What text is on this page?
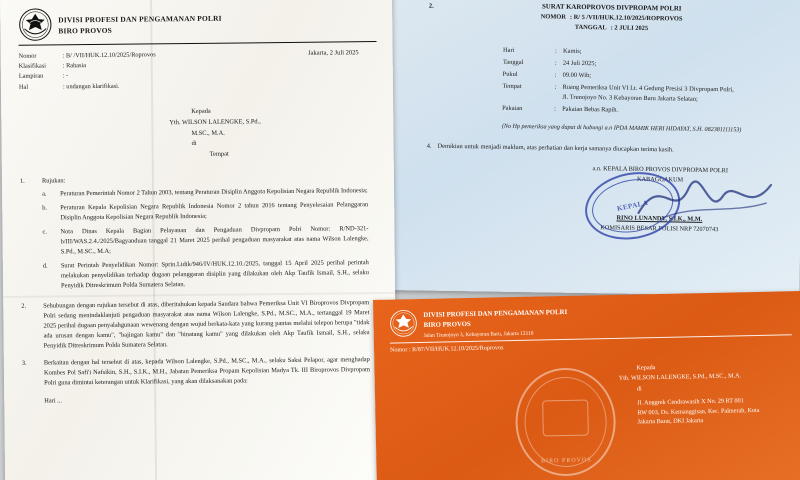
2.	SURAT KAROPROVOS DIVPROPAM POLRI
NOMOR : R/ 5 /VII/HUK.12.10/2025/ROPROVOS
TANGGAL : 2 JULI 2025
Hari	: Kamis;
Tanggal	: 24 Juli 2025;
Pukul	: 09.00 Wib;
Tempat	: Ruang Pemeriksa Unit VI Lt. 4 Gedung Presisi 3 Divpropam Polri,
Jl. Trunojoyo No. 3 Kebayoran Baru Jakarta Selatan;
Pakaian	: Pakaian Bebas Rapih.
(No Hp pemeriksa yang dapat di hubungi a.n IPDA MAMIK HERI HIDAYAT, S.H. 082381111153)
4. Demikian untuk menjadi maklum, atas perhatian dan kerja samanya diucapkan terima kasih.
a.n. KEPALA BIRO PROVOS DIVPROPAM POLRI
KABAGGAKUM
KEPALA
RINO LUNANDY, S.I.K., M.M.
KOMISARIS BESAR POLISI NRP 72070743
DIVISI PROFESI DAN PENGAMANAN POLRI
BIRO PROVOS
Nomor	: B/ /VII/HUK.12.10/2025/Roprovos
Klasifikasi	: Rahasia
Lampiran	: -
Hal	: undangan klarifikasi.
Jakarta, 2 Juli 2025
Kepada
Yth. WILSON LALENGKE, S.Pd.,
M.SC., M.A.
di
Tempat
1.	Rujukan:
a.	Peraturan Pemerintah Nomor 2 Tahun 2003, tentang Peraturan Disiplin Anggota Kepolisian Negara Republik Indonesia;
b.	Peraturan Kepala Kepolisian Negara Republik Indonesia Nomor 2 tahun 2016 tentang Penyelesaian Pelanggaran Disiplin Anggota Kepolisian Negara Republik Indonesia;
c.	Nota Dinas Kepala Bagian Pelayanan dan Pengaduan Divpropam Polri Nomor: R/ND-321-b/III/WAS.2.4./2025/Bagyanduan tanggal 21 Maret 2025 perihal pengaduan masyarakat atas nama Wilson Lalengke, S.Pd., M.SC., M.A;
d.	Surat Perintah Penyelidikan Nomor: Sprin.Lidik/946/IV/HUK.12.10./2025, tanggal 15 April 2025 perihal perintah melakukan penyelidikan terhadap dugaan pelanggaran disiplin yang dilakukan oleh Akp Taufik Ismail, S.H., selaku Penyidik Ditreskrimum Polda Sumatera Selatan.
2.	Sehubungan dengan rujukan tersebut di atas, diberitahukan kepada Saudara bahwa Pemeriksa Unit VI Biroprovos Divpropam Polri sedang menindaklanjuti pengaduan masyarakat atas nama Wilson Lalengke, S.Pd., M.SC., M.A., tertanggal 19 Maret 2025 perihal dugaan penyalahgunaan wewenang dengan wujud berkata-kata yang kurang pantas melalui telepon berupa "tidak ada urusan dengan kamu", "bajingan kamu" dan "binatang kamu" yang dilakukan oleh Akp Taufik Ismail, S.H., selaku Penyidik Ditreskrimum Polda Sumatera Selatan.
3.	Berkaitan dengan hal tersebut di atas, kepada Wilson Lalengke, S.Pd., M.SC., M.A., selaku Saksi Pelapor, agar menghadap Kombes Pol Safi'i Nafsikin, S.H., S.I.K., M.H., Jabatan Pemeriksa Propam Kepolisian Madya Tk. III Biroprovos Divpropam Polri guna dimintai keterangan untuk Klarifikasi, yang akan dilaksanakan pada:
Hari ...
DIVISI PROFESI DAN PENGAMANAN POLRI
BIRO PROVOS
Jalan Trunojoyo 3, Kebayoran Baru, Jakarta 12110
Nomor : R/87/VII/HUK.12.10/2025/Roprovos
Kepada
Yth. WILSON LALENGKE, S.Pd., M.SC., M.A.
di
Jl. Anggrek Cendrawasih X No. 29 RT 001
RW 003, Ds. Kemanggisan, Kec. Palmerah, Kota
Jakarta Barat, DKI Jakarta
BIRO PROVOS
